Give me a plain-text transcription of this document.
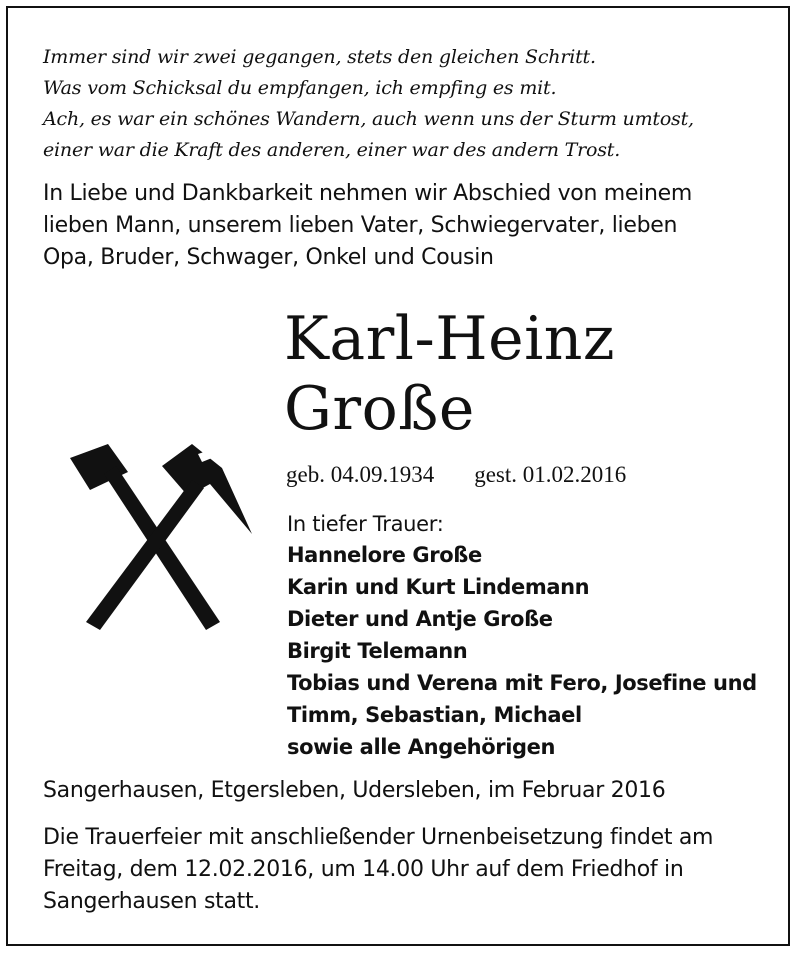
Immer sind wir zwei gegangen, stets den gleichen Schritt.
Was vom Schicksal du empfangen, ich empfing es mit.
Ach, es war ein schönes Wandern, auch wenn uns der Sturm umtost,
einer war die Kraft des anderen, einer war des andern Trost.
In Liebe und Dankbarkeit nehmen wir Abschied von meinem
lieben Mann, unserem lieben Vater, Schwiegervater, lieben
Opa, Bruder, Schwager, Onkel und Cousin
Karl-Heinz
Große
geb. 04.09.1934 gest. 01.02.2016
In tiefer Trauer:
Hannelore Große
Karin und Kurt Lindemann
Dieter und Antje Große
Birgit Telemann
Tobias und Verena mit Fero, Josefine und
Timm, Sebastian, Michael
sowie alle Angehörigen
Sangerhausen, Etgersleben, Udersleben, im Februar 2016
Die Trauerfeier mit anschließender Urnenbeisetzung findet am
Freitag, dem 12.02.2016, um 14.00 Uhr auf dem Friedhof in
Sangerhausen statt.
